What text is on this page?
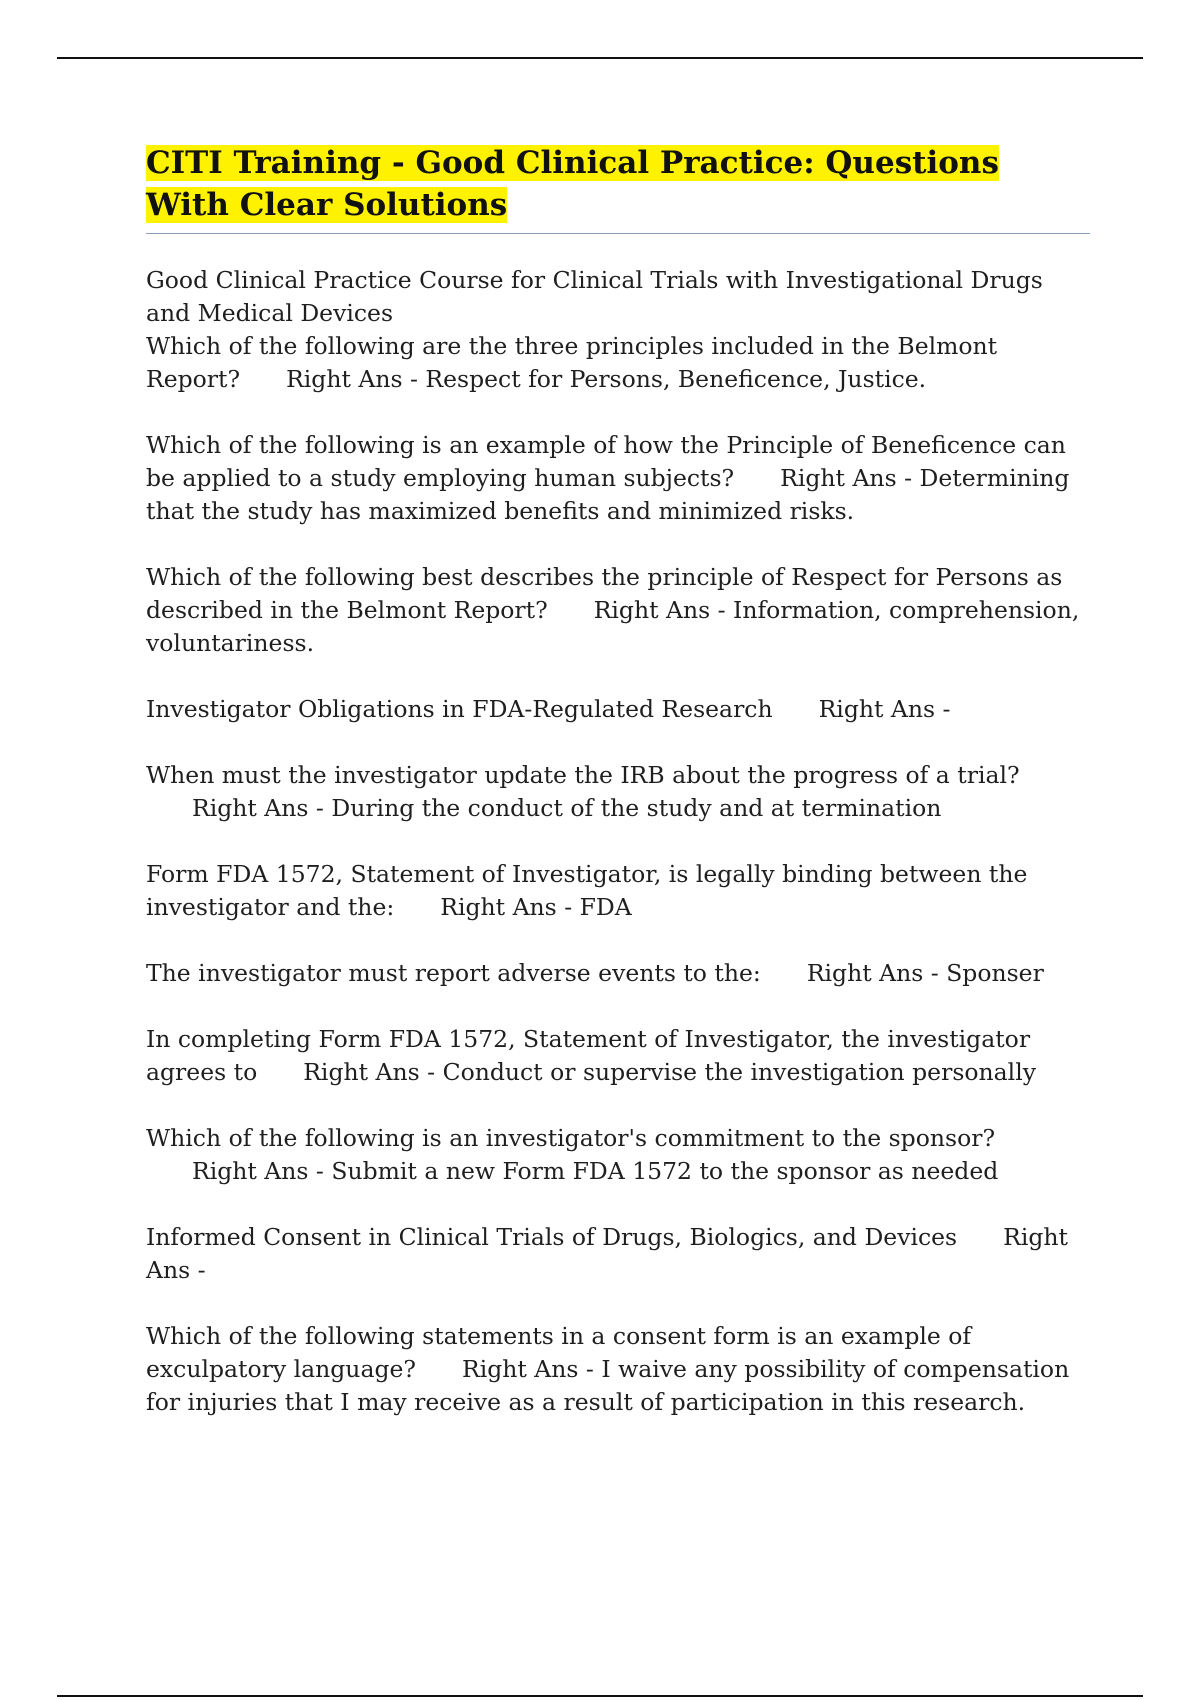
CITI Training - Good Clinical Practice: Questions With Clear Solutions

Good Clinical Practice Course for Clinical Trials with Investigational Drugs and Medical Devices

Which of the following are the three principles included in the Belmont Report? Right Ans - Respect for Persons, Beneficence, Justice.

Which of the following is an example of how the Principle of Beneficence can be applied to a study employing human subjects? Right Ans - Determining that the study has maximized benefits and minimized risks.

Which of the following best describes the principle of Respect for Persons as described in the Belmont Report? Right Ans - Information, comprehension, voluntariness.

Investigator Obligations in FDA-Regulated Research Right Ans -

When must the investigator update the IRB about the progress of a trial?Right Ans - During the conduct of the study and at termination

Form FDA 1572, Statement of Investigator, is legally binding between the investigator and the: Right Ans - FDA

The investigator must report adverse events to the: Right Ans - Sponser

In completing Form FDA 1572, Statement of Investigator, the investigator agrees to Right Ans - Conduct or supervise the investigation personally

Which of the following is an investigator's commitment to the sponsor?Right Ans - Submit a new Form FDA 1572 to the sponsor as needed

Informed Consent in Clinical Trials of Drugs, Biologics, and Devices Right Ans -

Which of the following statements in a consent form is an example of exculpatory language? Right Ans - I waive any possibility of compensation for injuries that I may receive as a result of participation in this research.
